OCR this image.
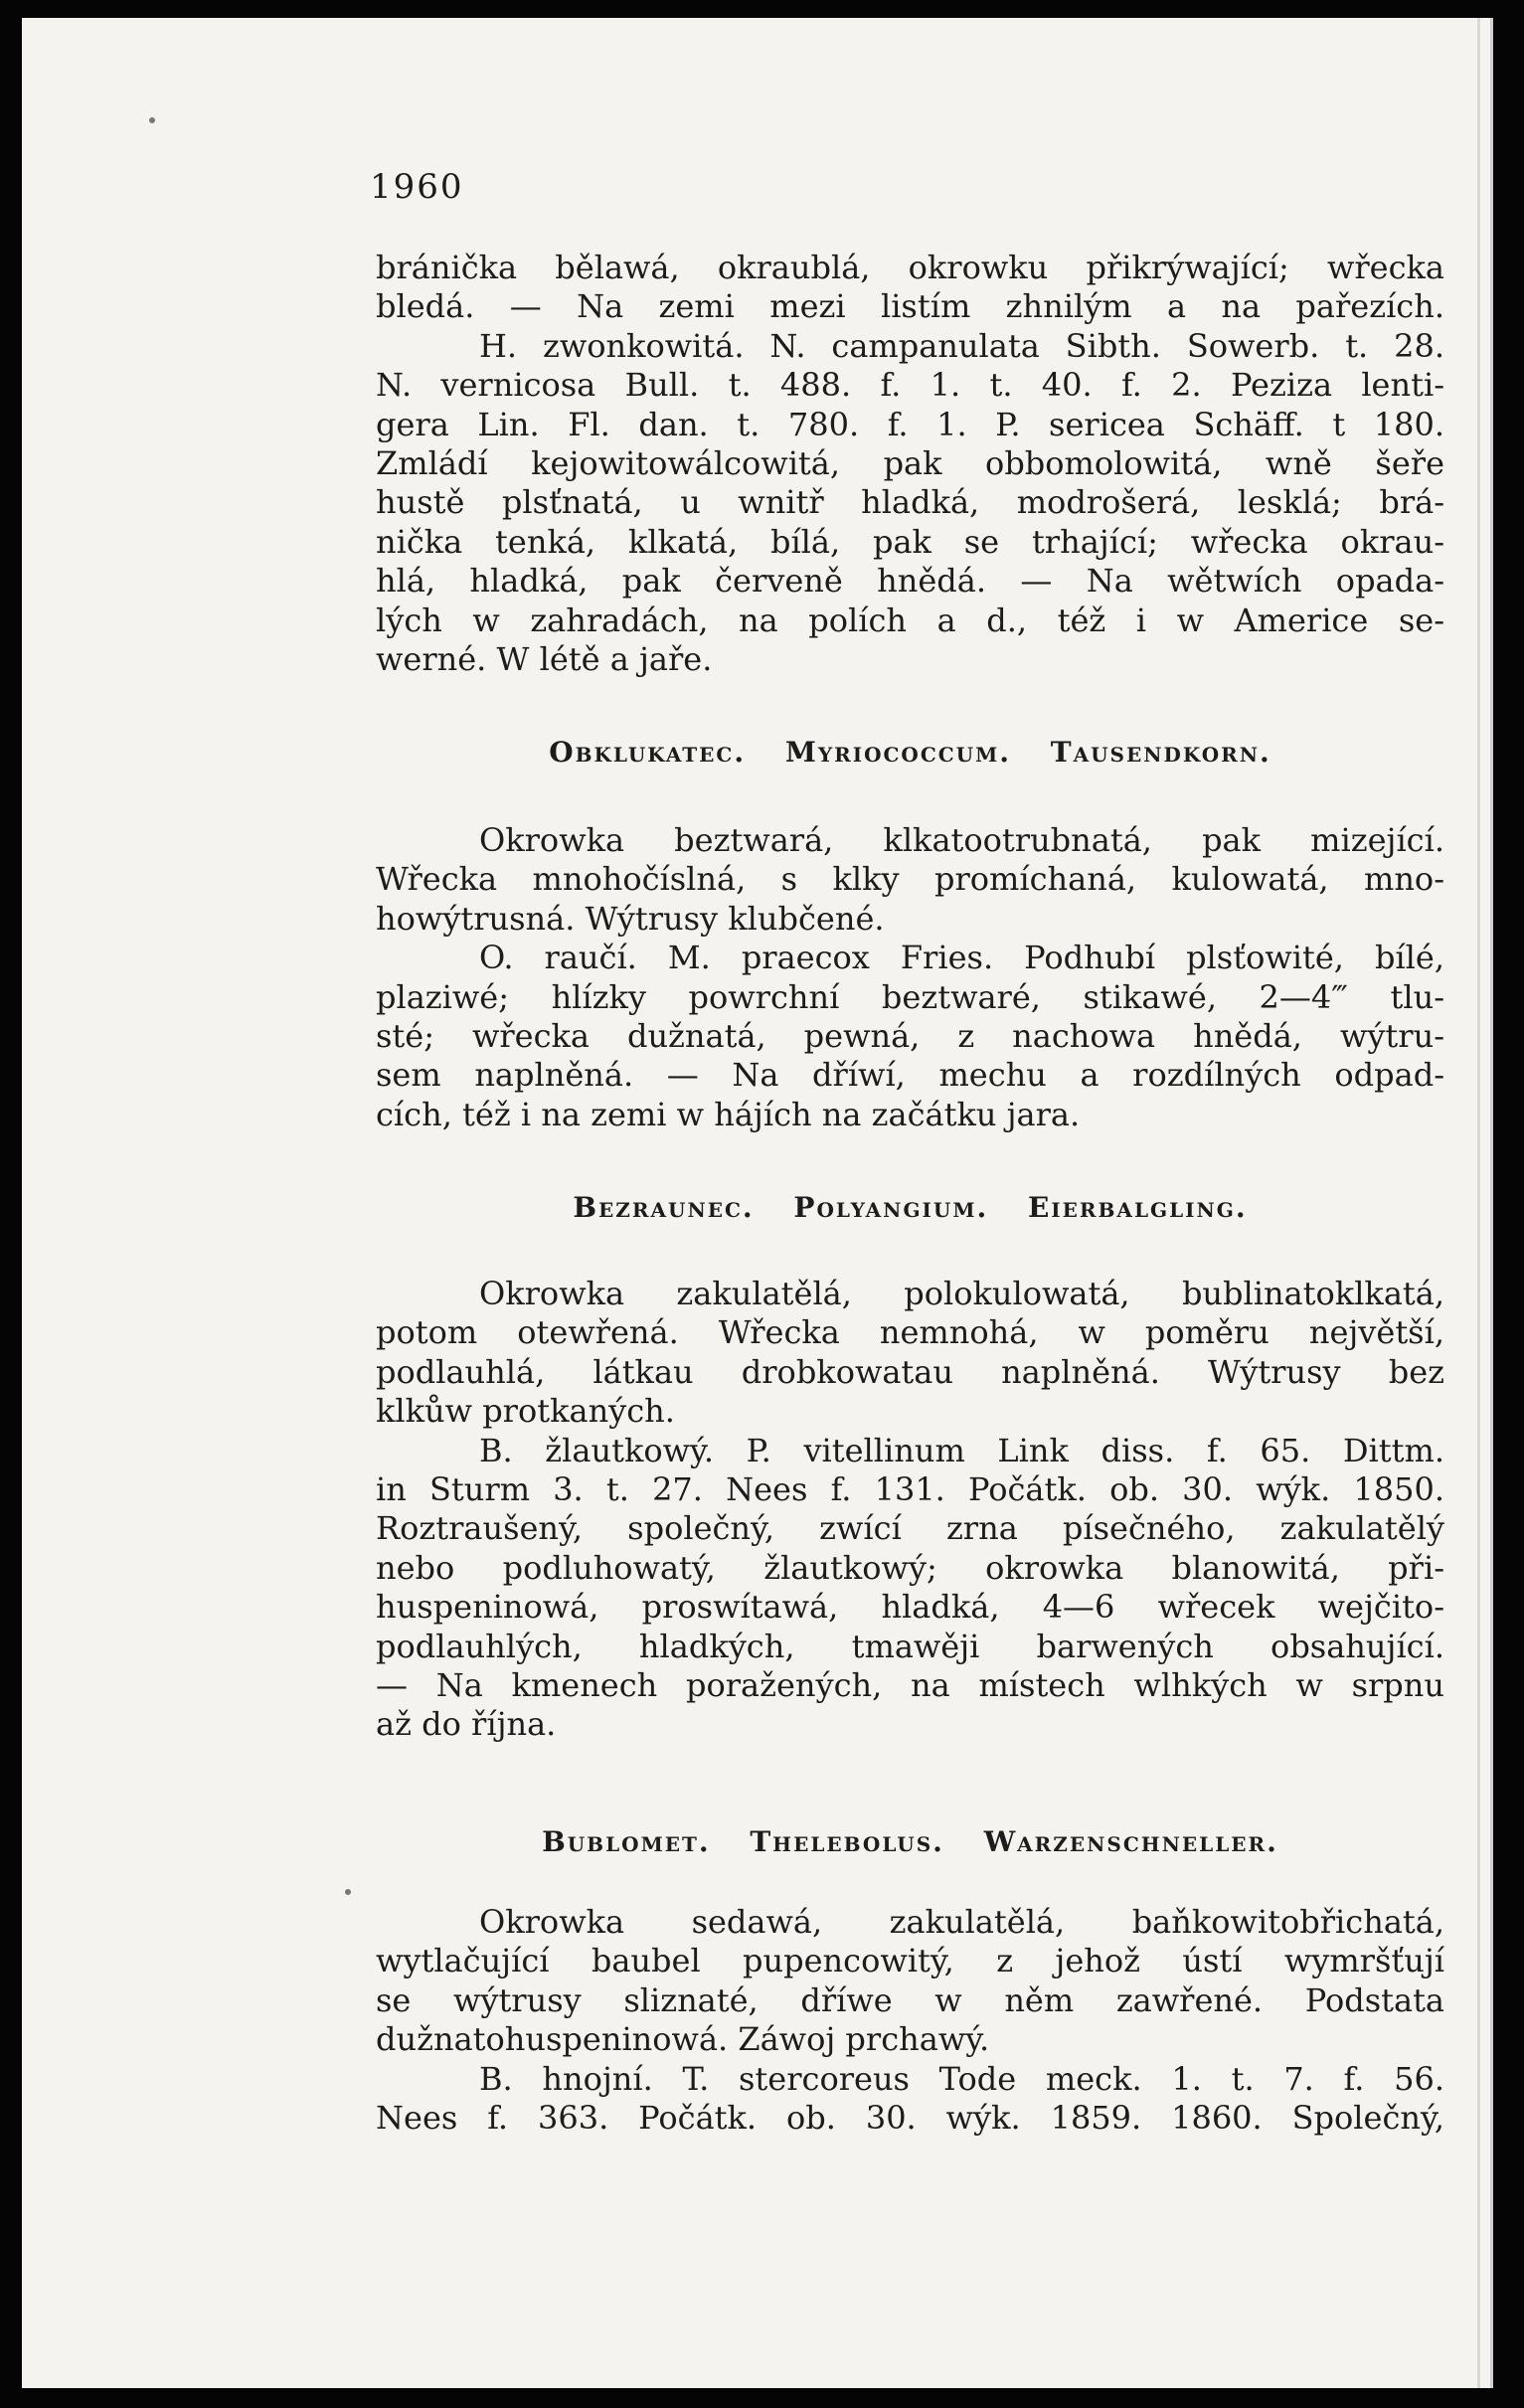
1960
bránička bělawá, okraublá, okrowku přikrýwající; wřecka
bledá. — Na zemi mezi listím zhnilým a na pařezích.
H. zwonkowitá. N. campanulata Sibth. Sowerb. t. 28.
N. vernicosa Bull. t. 488. f. 1. t. 40. f. 2. Peziza lenti-
gera Lin. Fl. dan. t. 780. f. 1. P. sericea Schäff. t 180.
Zmládí kejowitowálcowitá, pak obbomolowitá, wně šeře
hustě plsťnatá, u wnitř hladká, modrošerá, lesklá; brá-
nička tenká, klkatá, bílá, pak se trhající; wřecka okrau-
hlá, hladká, pak červeně hnědá. — Na wětwích opada-
lých w zahradách, na polích a d., též i w Americe se-
werné. W létě a jaře.
Obklukatec. Myriococcum. Tausendkorn.
Okrowka beztwará, klkatootrubnatá, pak mizející.
Wřecka mnohočíslná, s klky promíchaná, kulowatá, mno-
howýtrusná. Wýtrusy klubčené.
O. raučí. M. praecox Fries. Podhubí plsťowité, bílé,
plaziwé; hlízky powrchní beztwaré, stikawé, 2—4‴ tlu-
sté; wřecka dužnatá, pewná, z nachowa hnědá, wýtru-
sem naplněná. — Na dříwí, mechu a rozdílných odpad-
cích, též i na zemi w hájích na začátku jara.
Bezraunec. Polyangium. Eierbalgling.
Okrowka zakulatělá, polokulowatá, bublinatoklkatá,
potom otewřená. Wřecka nemnohá, w poměru největší,
podlauhlá, látkau drobkowatau naplněná. Wýtrusy bez
klkůw protkaných.
B. žlautkowý. P. vitellinum Link diss. f. 65. Dittm.
in Sturm 3. t. 27. Nees f. 131. Počátk. ob. 30. wýk. 1850.
Roztraušený, společný, zwící zrna písečného, zakulatělý
nebo podluhowatý, žlautkowý; okrowka blanowitá, při-
huspeninowá, proswítawá, hladká, 4—6 wřecek wejčito-
podlauhlých, hladkých, tmawěji barwených obsahující.
— Na kmenech poražených, na místech wlhkých w srpnu
až do října.
Bublomet. Thelebolus. Warzenschneller.
Okrowka sedawá, zakulatělá, baňkowitobřichatá,
wytlačující baubel pupencowitý, z jehož ústí wymršťují
se wýtrusy sliznaté, dříwe w něm zawřené. Podstata
dužnatohuspeninowá. Záwoj prchawý.
B. hnojní. T. stercoreus Tode meck. 1. t. 7. f. 56.
Nees f. 363. Počátk. ob. 30. wýk. 1859. 1860. Společný,
